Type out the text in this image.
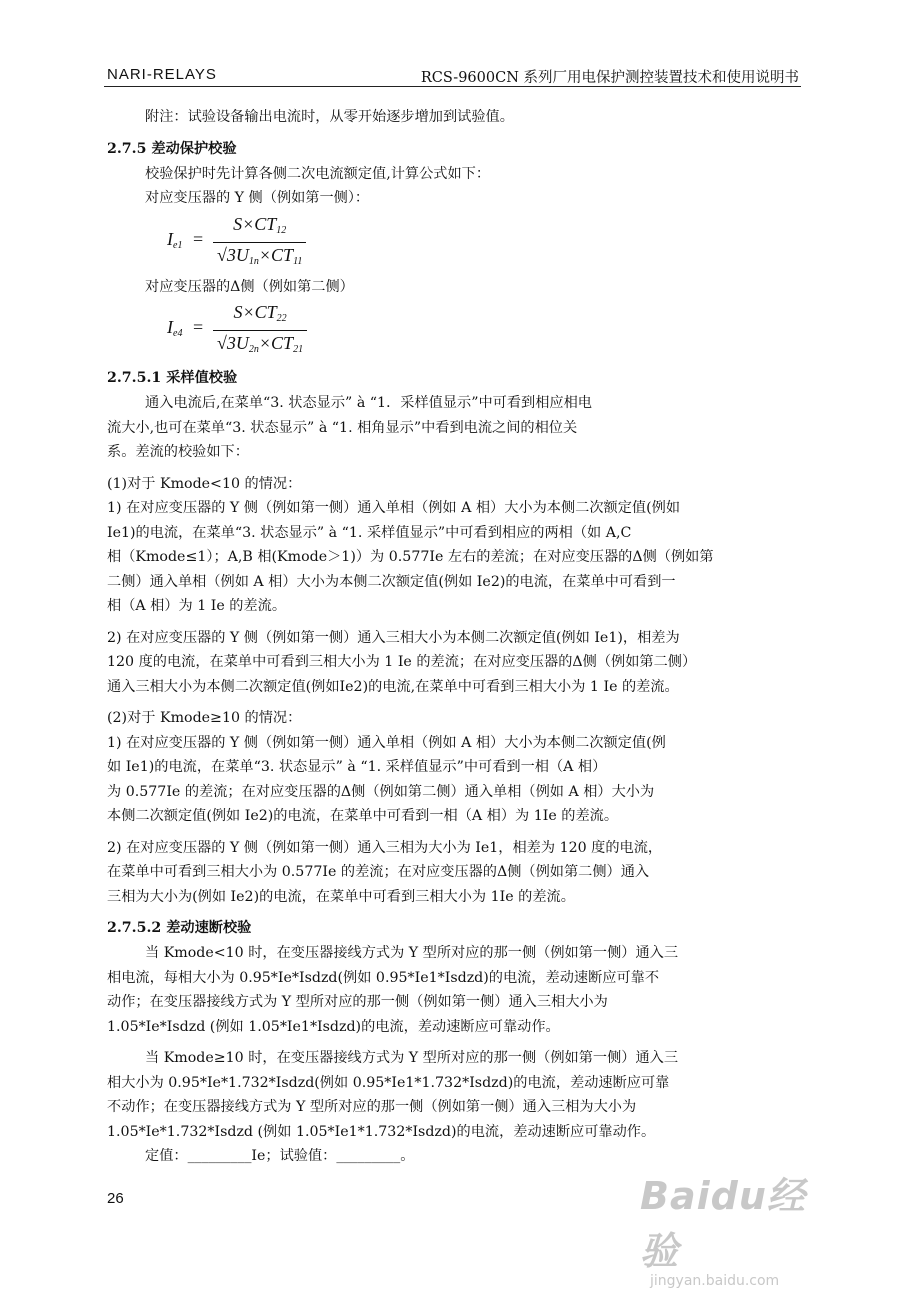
NARI-RELAYS	RCS-9600CN 系列厂用电保护测控装置技术和使用说明书

附注：试验设备输出电流时，从零开始逐步增加到试验值。

2.7.5 差动保护校验

校验保护时先计算各侧二次电流额定值,计算公式如下：

对应变压器的 Y 侧（例如第一侧）：

$I_{e1}$ =
$S\times CT_{12}$
$√3U_{1n}\times CT_{11}$

对应变压器的Δ侧（例如第二侧）

$I_{e4}$ =
$S\times CT_{22}$
$√3U_{2n}\times CT_{21}$

2.7.5.1 采样值校验

通入电流后,在菜单“3. 状态显示” à “1．采样值显示”中可看到相应相电

流大小,也可在菜单“3. 状态显示” à “1. 相角显示”中看到电流之间的相位关

系。差流的校验如下：

(1)对于 Kmode<10 的情况：

1) 在对应变压器的 Y 侧（例如第一侧）通入单相（例如 A 相）大小为本侧二次额定值(例如

Ie1)的电流，在菜单“3. 状态显示” à “1. 采样值显示”中可看到相应的两相（如 A,C

相（Kmode≤1）；A,B 相(Kmode＞1)）为 0.577Ie 左右的差流；在对应变压器的Δ侧（例如第

二侧）通入单相（例如 A 相）大小为本侧二次额定值(例如 Ie2)的电流，在菜单中可看到一

相（A 相）为 1 Ie 的差流。

2) 在对应变压器的 Y 侧（例如第一侧）通入三相大小为本侧二次额定值(例如 Ie1)，相差为

120 度的电流，在菜单中可看到三相大小为 1 Ie 的差流；在对应变压器的Δ侧（例如第二侧）

通入三相大小为本侧二次额定值(例如Ie2)的电流,在菜单中可看到三相大小为 1 Ie 的差流。

(2)对于 Kmode≥10 的情况：

1) 在对应变压器的 Y 侧（例如第一侧）通入单相（例如 A 相）大小为本侧二次额定值(例

如 Ie1)的电流，在菜单“3. 状态显示” à “1. 采样值显示”中可看到一相（A 相）

为 0.577Ie 的差流；在对应变压器的Δ侧（例如第二侧）通入单相（例如 A 相）大小为

本侧二次额定值(例如 Ie2)的电流，在菜单中可看到一相（A 相）为 1Ie 的差流。

2) 在对应变压器的 Y 侧（例如第一侧）通入三相为大小为 Ie1，相差为 120 度的电流，

在菜单中可看到三相大小为 0.577Ie 的差流；在对应变压器的Δ侧（例如第二侧）通入

三相为大小为(例如 Ie2)的电流，在菜单中可看到三相大小为 1Ie 的差流。

2.7.5.2 差动速断校验

当 Kmode<10 时，在变压器接线方式为 Y 型所对应的那一侧（例如第一侧）通入三

相电流，每相大小为 0.95*Ie*Isdzd(例如 0.95*Ie1*Isdzd)的电流，差动速断应可靠不

动作；在变压器接线方式为 Y 型所对应的那一侧（例如第一侧）通入三相大小为

1.05*Ie*Isdzd (例如 1.05*Ie1*Isdzd)的电流，差动速断应可靠动作。

当 Kmode≥10 时，在变压器接线方式为 Y 型所对应的那一侧（例如第一侧）通入三

相大小为 0.95*Ie*1.732*Isdzd(例如 0.95*Ie1*1.732*Isdzd)的电流，差动速断应可靠

不动作；在变压器接线方式为 Y 型所对应的那一侧（例如第一侧）通入三相为大小为

1.05*Ie*1.732*Isdzd (例如 1.05*Ie1*1.732*Isdzd)的电流，差动速断应可靠动作。

定值：_________Ie；试验值：_________。

26	Baidu经验
jingyan.baidu.com
